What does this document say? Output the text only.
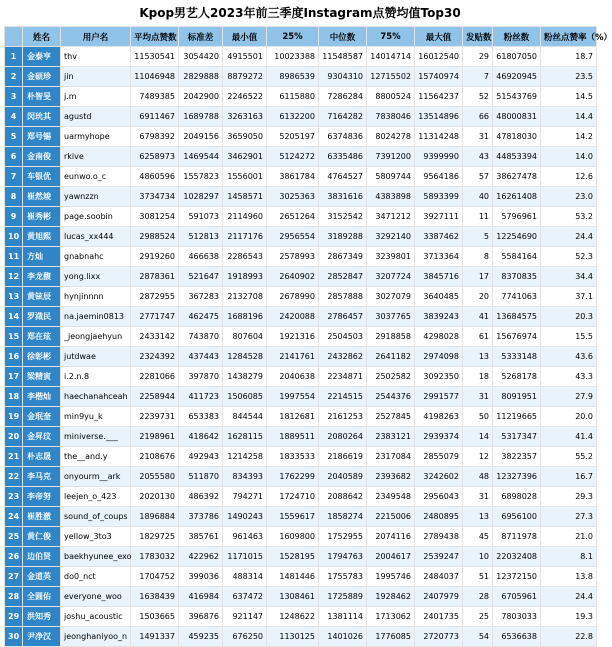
Kpop男艺人2023年前三季度Instagram点赞均值Top30
	姓名	用户名	平均点赞数	标准差	最小值	25%	中位数	75%	最大值	发贴数	粉丝数	粉丝点赞率（%）
1	金泰亨	thv	11530541	3054420	4915501	10023388	11548587	14014714	16012540	29	61807050	18.7
2	金硕珍	jin	11046948	2829888	8879272	8986539	9304310	12715502	15740974	7	46920945	23.5
3	朴智旻	j.m	7489385	2042900	2246522	6115880	7286284	8800524	11564237	52	51543769	14.5
4	闵玧其	agustd	6911467	1689788	3263163	6132200	7164282	7838046	13514896	66	48000831	14.4
5	郑号锡	uarmyhope	6798392	2049156	3659050	5205197	6374836	8024278	11314248	31	47818030	14.2
6	金南俊	rkive	6258973	1469544	3462901	5124272	6335486	7391200	9399990	43	44853394	14.0
7	车银优	eunwo.o_c	4860596	1557823	1556001	3861784	4764527	5809744	9564186	57	38627478	12.6
8	崔然竣	yawnzzn	3734734	1028297	1458571	3025363	3831616	4383898	5893399	40	16261408	23.0
9	崔秀彬	page.soobin	3081254	591073	2114960	2651264	3152542	3471212	3927111	11	5796961	53.2
10	黄旭熙	lucas_xx444	2988524	512813	2117176	2956554	3189288	3292140	3387462	5	12254690	24.4
11	方灿	gnabnahc	2919260	466638	2286543	2578993	2867349	3239801	3713364	8	5584164	52.3
12	李龙馥	yong.lixx	2878361	521647	1918993	2640902	2852847	3207724	3845716	17	8370835	34.4
13	黄铉辰	hynjinnnn	2872955	367283	2132708	2678990	2857888	3027079	3640485	20	7741063	37.1
14	罗渽民	na.jaemin0813	2771747	462475	1688196	2420088	2786457	3037765	3839243	41	13684575	20.3
15	郑在玹	_jeongjaehyun	2433142	743870	807604	1921316	2504503	2918858	4298028	61	15676974	15.5
16	徐彰彬	jutdwae	2324392	437443	1284528	2141761	2432862	2641182	2974098	13	5333148	43.6
17	梁精寅	i.2.n.8	2281066	397870	1438279	2040638	2234871	2502582	3092350	18	5268178	43.3
18	李楷灿	haechanahceah	2258944	411723	1506085	1997554	2214515	2544376	2991577	31	8091951	27.9
19	金珉奎	min9yu_k	2239731	653383	844544	1812681	2161253	2527845	4198263	50	11219665	20.0
20	金昇玟	miniverse.___	2198961	418642	1628115	1889511	2080264	2383121	2939374	14	5317347	41.4
21	朴志晟	the__and.y	2108676	492943	1214258	1833533	2186619	2317084	2855079	12	3822357	55.2
22	李马克	onyourm__ark	2055580	511870	834393	1762299	2040589	2393682	3242602	48	12327396	16.7
23	李帝努	leejen_o_423	2020130	486392	794271	1724710	2088642	2349548	2956043	31	6898028	29.3
24	崔胜澈	sound_of_coups	1896884	373786	1490243	1559617	1858274	2215006	2480895	13	6956100	27.3
25	黄仁俊	yellow_3to3	1829725	385761	961463	1609800	1752955	2074116	2789438	45	8711978	21.0
26	边伯贤	baekhyunee_exo	1783032	422962	1171015	1528195	1794763	2004617	2539247	10	22032408	8.1
27	金道英	do0_nct	1704752	399036	488314	1481446	1755783	1995746	2484037	51	12372150	13.8
28	全圆佑	everyone_woo	1638439	416984	637472	1308461	1725889	1928462	2407979	28	6705961	24.4
29	洪知秀	joshu_acoustic	1503665	396876	921147	1248622	1381114	1713062	2401735	25	7803033	19.3
30	尹净汉	jeonghaniyoo_n	1491337	459235	676250	1130125	1401026	1776085	2720773	54	6536638	22.8
